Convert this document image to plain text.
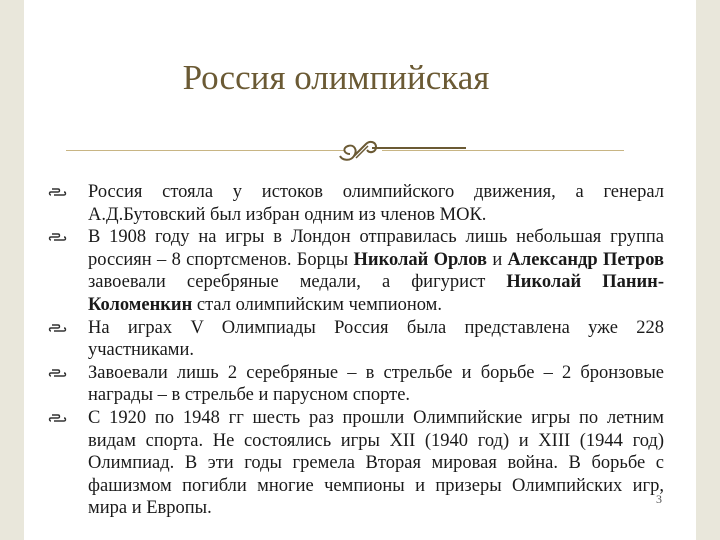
Россия олимпийская
Россия стояла у истоков олимпийского движения, а генерал А.Д.Бутовский был избран одним из членов МОК.
В 1908 году на игры в Лондон отправилась лишь небольшая группа россиян – 8 спортсменов. Борцы Николай Орлов и Александр Петров завоевали серебряные медали, а фигурист Николай Панин-Коломенкин стал олимпийским чемпионом.
На играх V Олимпиады Россия была представлена уже 228 участниками.
Завоевали лишь 2 серебряные – в стрельбе и борьбе – 2 бронзовые награды – в стрельбе и парусном спорте.
С 1920 по 1948 гг шесть раз прошли Олимпийские игры по летним видам спорта. Не состоялись игры XII (1940 год) и XIII (1944 год) Олимпиад. В эти годы гремела Вторая мировая война. В борьбе с фашизмом погибли многие чемпионы и призеры Олимпийских игр, мира и Европы.	3
